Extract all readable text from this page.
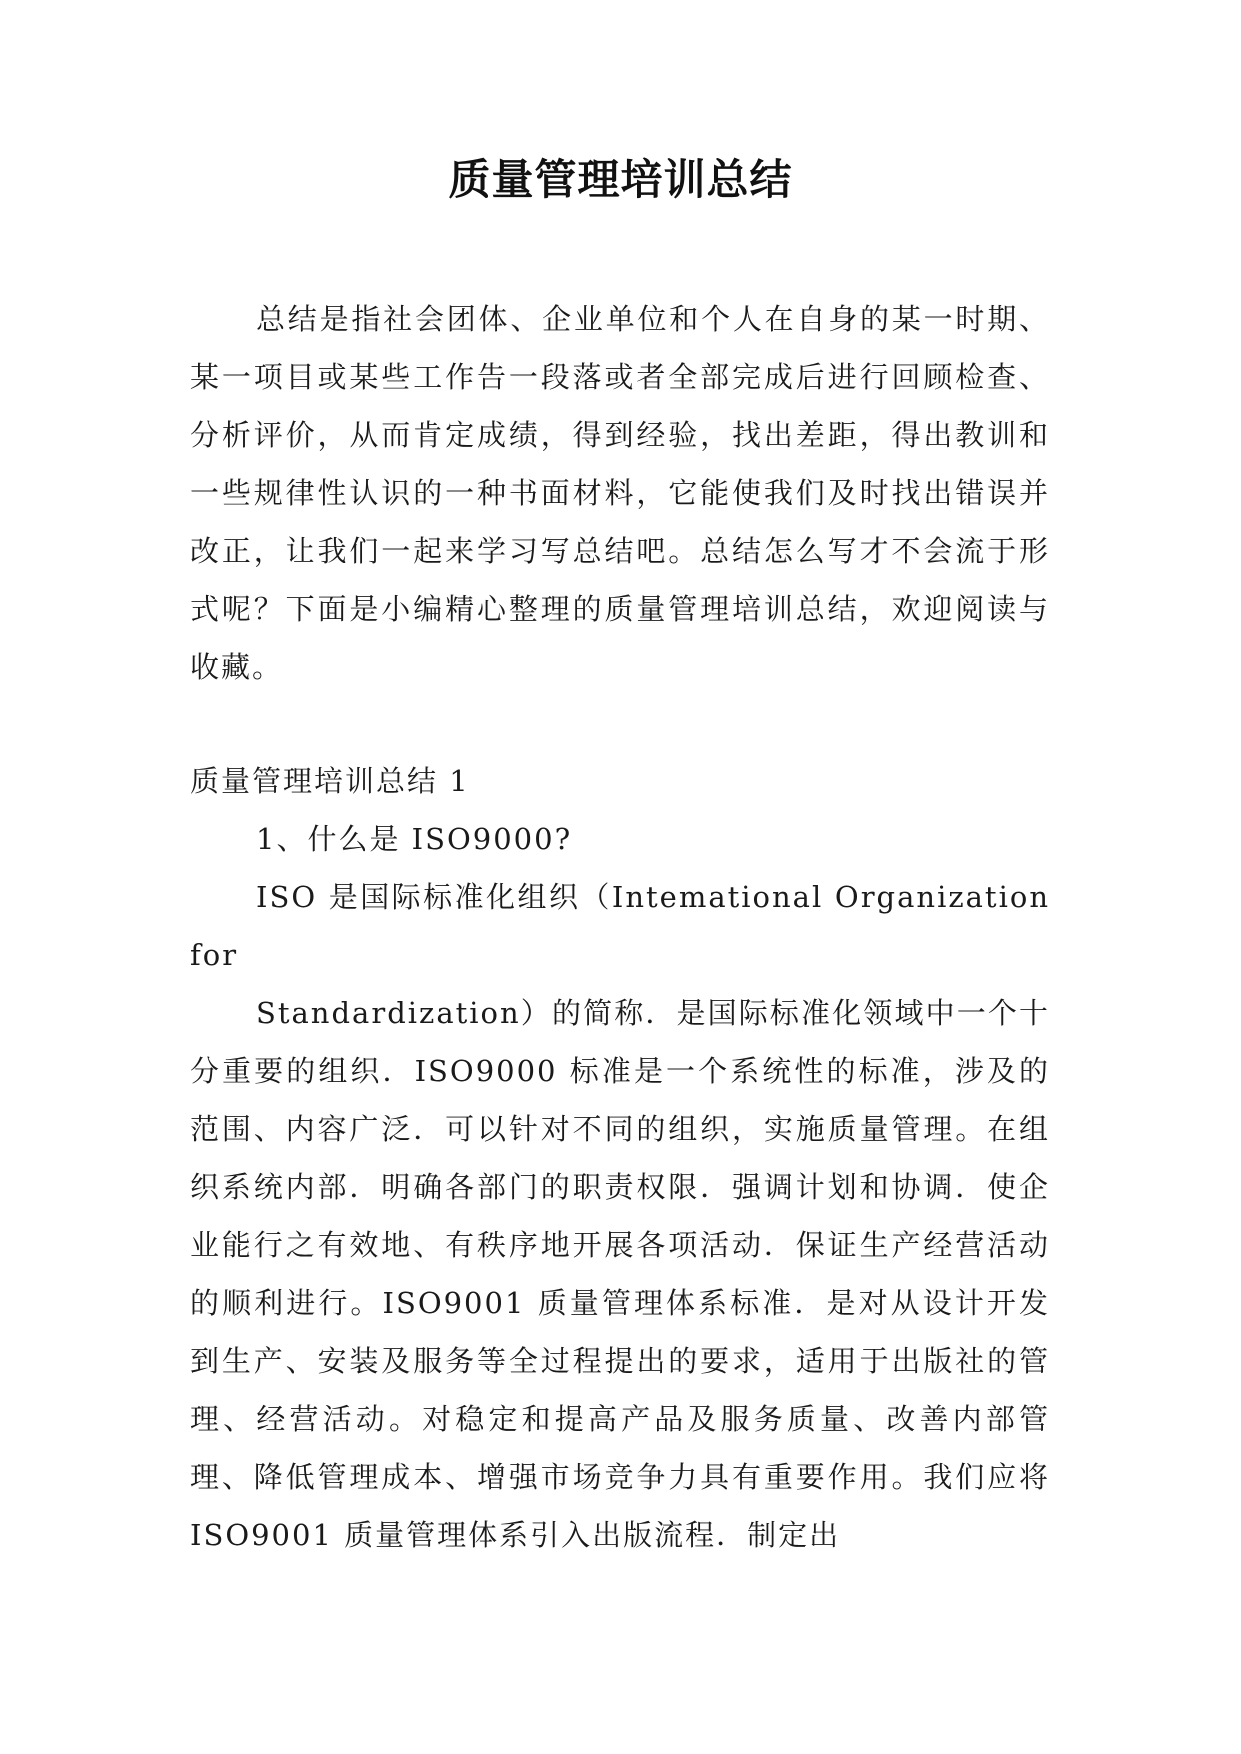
质量管理培训总结

总结是指社会团体、企业单位和个人在自身的某一时期、某一项目或某些工作告一段落或者全部完成后进行回顾检查、分析评价，从而肯定成绩，得到经验，找出差距，得出教训和一些规律性认识的一种书面材料，它能使我们及时找出错误并改正，让我们一起来学习写总结吧。总结怎么写才不会流于形式呢？下面是小编精心整理的质量管理培训总结，欢迎阅读与收藏。

质量管理培训总结 1

1、什么是 ISO9000?

ISO 是国际标准化组织（Intemational Organization for

Standardization）的简称．是国际标准化领域中一个十分重要的组织．ISO9000 标准是一个系统性的标准，涉及的范围、内容广泛．可以针对不同的组织，实施质量管理。在组织系统内部．明确各部门的职责权限．强调计划和协调．使企业能行之有效地、有秩序地开展各项活动．保证生产经营活动的顺利进行。ISO9001 质量管理体系标准．是对从设计开发到生产、安装及服务等全过程提出的要求，适用于出版社的管理、经营活动。对稳定和提高产品及服务质量、改善内部管理、降低管理成本、增强市场竞争力具有重要作用。我们应将 ISO9001 质量管理体系引入出版流程．制定出
